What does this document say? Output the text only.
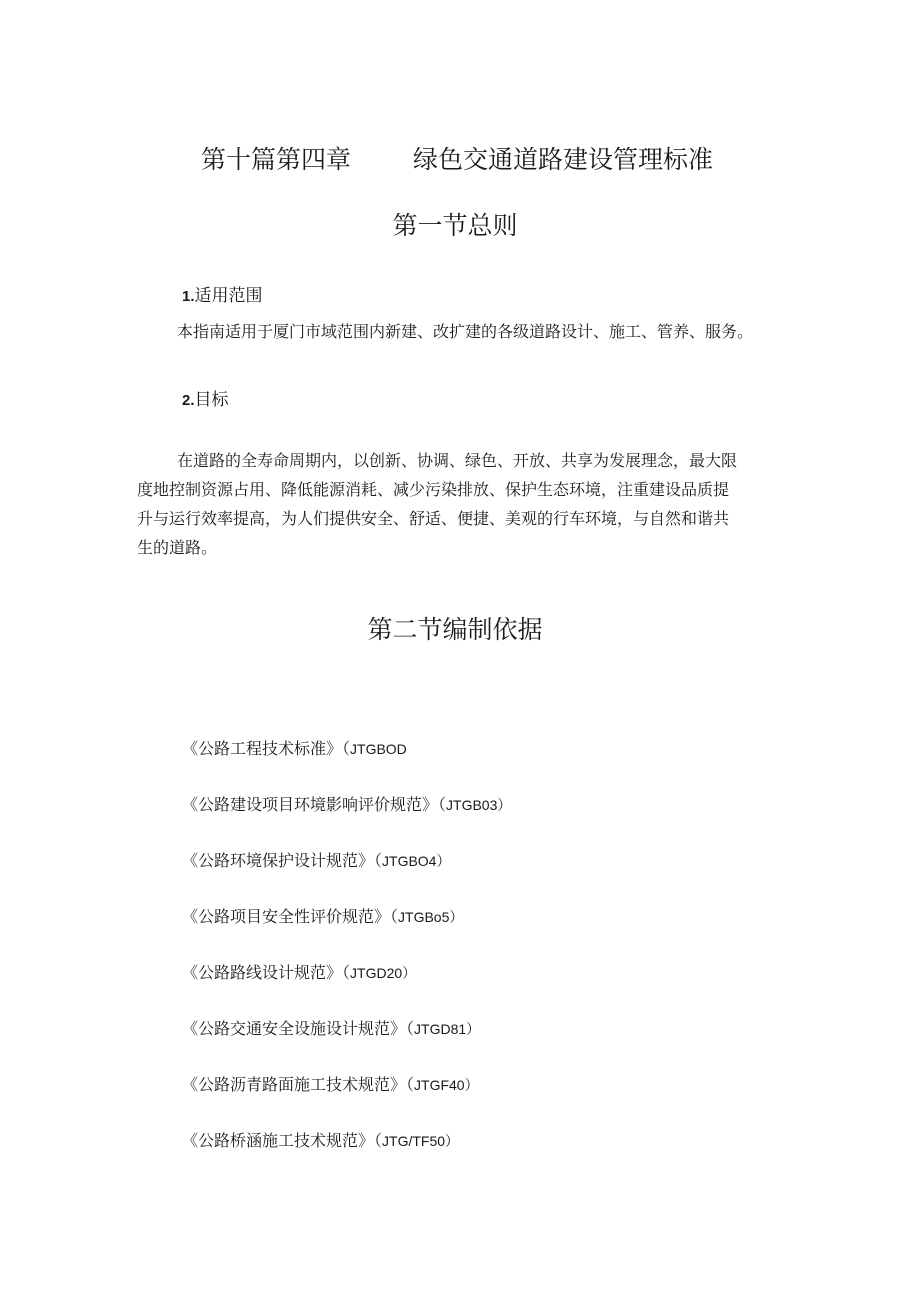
第十篇第四章 绿色交通道路建设管理标准
第一节总则
1.适用范围
本指南适用于厦门市域范围内新建、改扩建的各级道路设计、施工、管养、服务。
2.目标
在道路的全寿命周期内，以创新、协调、绿色、开放、共享为发展理念，最大限
度地控制资源占用、降低能源消耗、减少污染排放、保护生态环境，注重建设品质提
升与运行效率提高，为人们提供安全、舒适、便捷、美观的行车环境，与自然和谐共
生的道路。
第二节编制依据
《公路工程技术标准》（JTGBOD
《公路建设项目环境影响评价规范》（JTGB03）
《公路环境保护设计规范》（JTGBO4）
《公路项目安全性评价规范》（JTGBo5）
《公路路线设计规范》（JTGD20）
《公路交通安全设施设计规范》（JTGD81）
《公路沥青路面施工技术规范》（JTGF40）
《公路桥涵施工技术规范》（JTG/TF50）
